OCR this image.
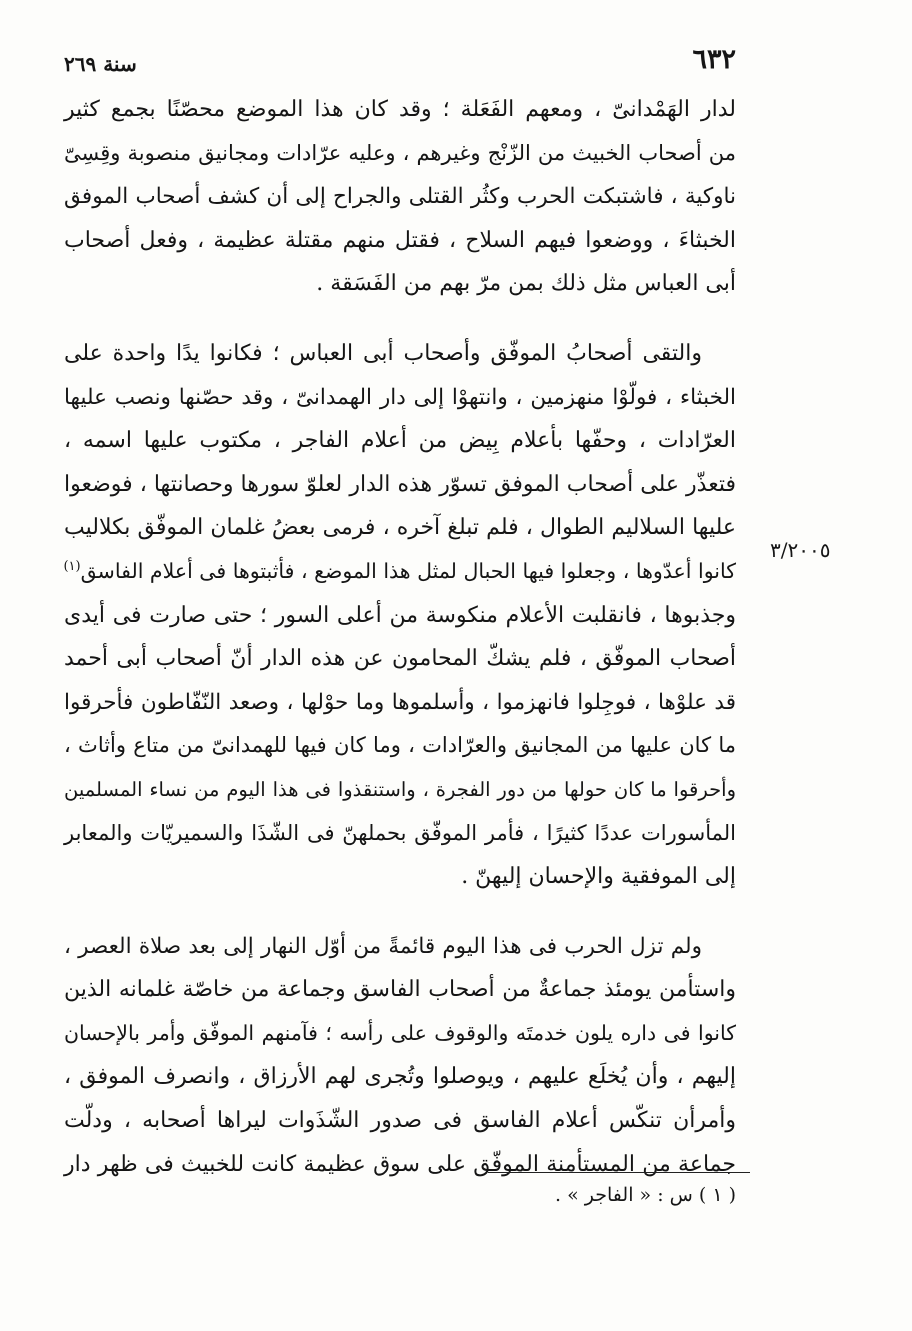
٦٣٢
سنة ٢٦٩
لدار الهَمْدانىّ ، ومعهم الفَعَلة ؛ وقد كان هذا الموضع محصّنًا بجمع كثير
من أصحاب الخبيث من الزّنْج وغيرهم ، وعليه عرّادات ومجانيق منصوبة وقِسِىّ
ناوكية ، فاشتبكت الحرب وكثُر القتلى والجراح إلى أن كشف أصحاب الموفق
الخبثاءَ ، ووضعوا فيهم السلاح ، فقتل منهم مقتلة عظيمة ، وفعل أصحاب
أبى العباس مثل ذلك بمن مرّ بهم من الفَسَقة .
والتقى أصحابُ الموفّق وأصحاب أبى العباس ؛ فكانوا يدًا واحدة على
الخبثاء ، فولّوْا منهزمين ، وانتهوْا إلى دار الهمدانىّ ، وقد حصّنها ونصب عليها
العرّادات ، وحفّها بأعلام بِيض من أعلام الفاجر ، مكتوب عليها اسمه ،
فتعذّر على أصحاب الموفق تسوّر هذه الدار لعلوّ سورها وحصانتها ، فوضعوا
عليها السلاليم الطوال ، فلم تبلغ آخره ، فرمى بعضُ غلمان الموفّق بكلاليب
كانوا أعدّوها ، وجعلوا فيها الحبال لمثل هذا الموضع ، فأثبتوها فى أعلام الفاسق$^{(١)}$
وجذبوها ، فانقلبت الأعلام منكوسة من أعلى السور ؛ حتى صارت فى أيدى
أصحاب الموفّق ، فلم يشكّ المحامون عن هذه الدار أنّ أصحاب أبى أحمد
قد علوْها ، فوجِلوا فانهزموا ، وأسلموها وما حوْلها ، وصعد النّفّاطون فأحرقوا
ما كان عليها من المجانيق والعرّادات ، وما كان فيها للهمدانىّ من متاع وأثاث ،
وأحرقوا ما كان حولها من دور الفجرة ، واستنقذوا فى هذا اليوم من نساء المسلمين
المأسورات عددًا كثيرًا ، فأمر الموفّق بحملهنّ فى الشّذَا والسميريّات والمعابر
إلى الموفقية والإحسان إليهنّ .
ولم تزل الحرب فى هذا اليوم قائمةً من أوّل النهار إلى بعد صلاة العصر ،
واستأمن يومئذ جماعةٌ من أصحاب الفاسق وجماعة من خاصّة غلمانه الذين
كانوا فى داره يلون خدمتَه والوقوف على رأسه ؛ فآمنهم الموفّق وأمر بالإحسان
إليهم ، وأن يُخلَع عليهم ، ويوصلوا وتُجرى لهم الأرزاق ، وانصرف الموفق ،
وأمرأن تنكّس أعلام الفاسق فى صدور الشّذَوات ليراها أصحابه ، ودلّت
جماعة من المستأمنة الموفّق على سوق عظيمة كانت للخبيث فى ظهر دار
٣/٢٠٠٥
( ١ ) س : « الفاجر » .
